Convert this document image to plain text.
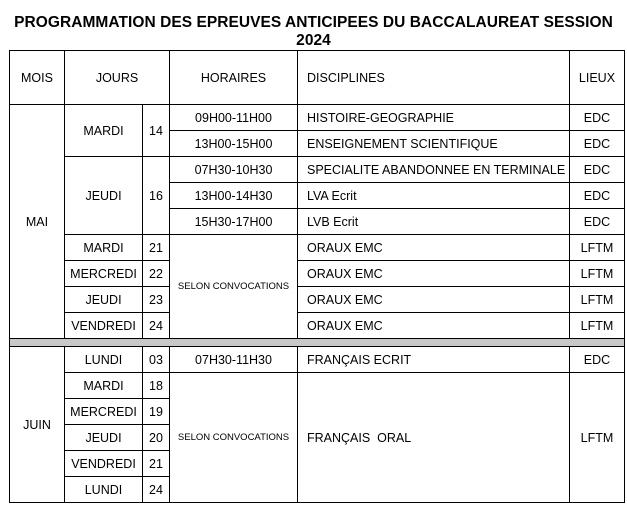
PROGRAMMATION DES EPREUVES ANTICIPEES DU BACCALAUREAT SESSION 2024
MOIS	JOURS		HORAIRES	DISCIPLINES	LIEUX
MAI	MARDI	14	09H00-11H00	HISTOIRE-GEOGRAPHIE	EDC
			13H00-15H00	ENSEIGNEMENT SCIENTIFIQUE	EDC
	JEUDI	16	07H30-10H30	SPECIALITE ABANDONNEE EN TERMINALE	EDC
			13H00-14H30	LVA Ecrit	EDC
			15H30-17H00	LVB Ecrit	EDC
	MARDI	21	SELON CONVOCATIONS	ORAUX EMC	LFTM
	MERCREDI	22		ORAUX EMC	LFTM
	JEUDI	23		ORAUX EMC	LFTM
	VENDREDI	24		ORAUX EMC	LFTM

JUIN	LUNDI	03	07H30-11H30	FRANÇAIS ECRIT	EDC
	MARDI	18	SELON CONVOCATIONS	FRANÇAIS  ORAL	LFTM
	MERCREDI	19			
	JEUDI	20			
	VENDREDI	21			
	LUNDI	24			
